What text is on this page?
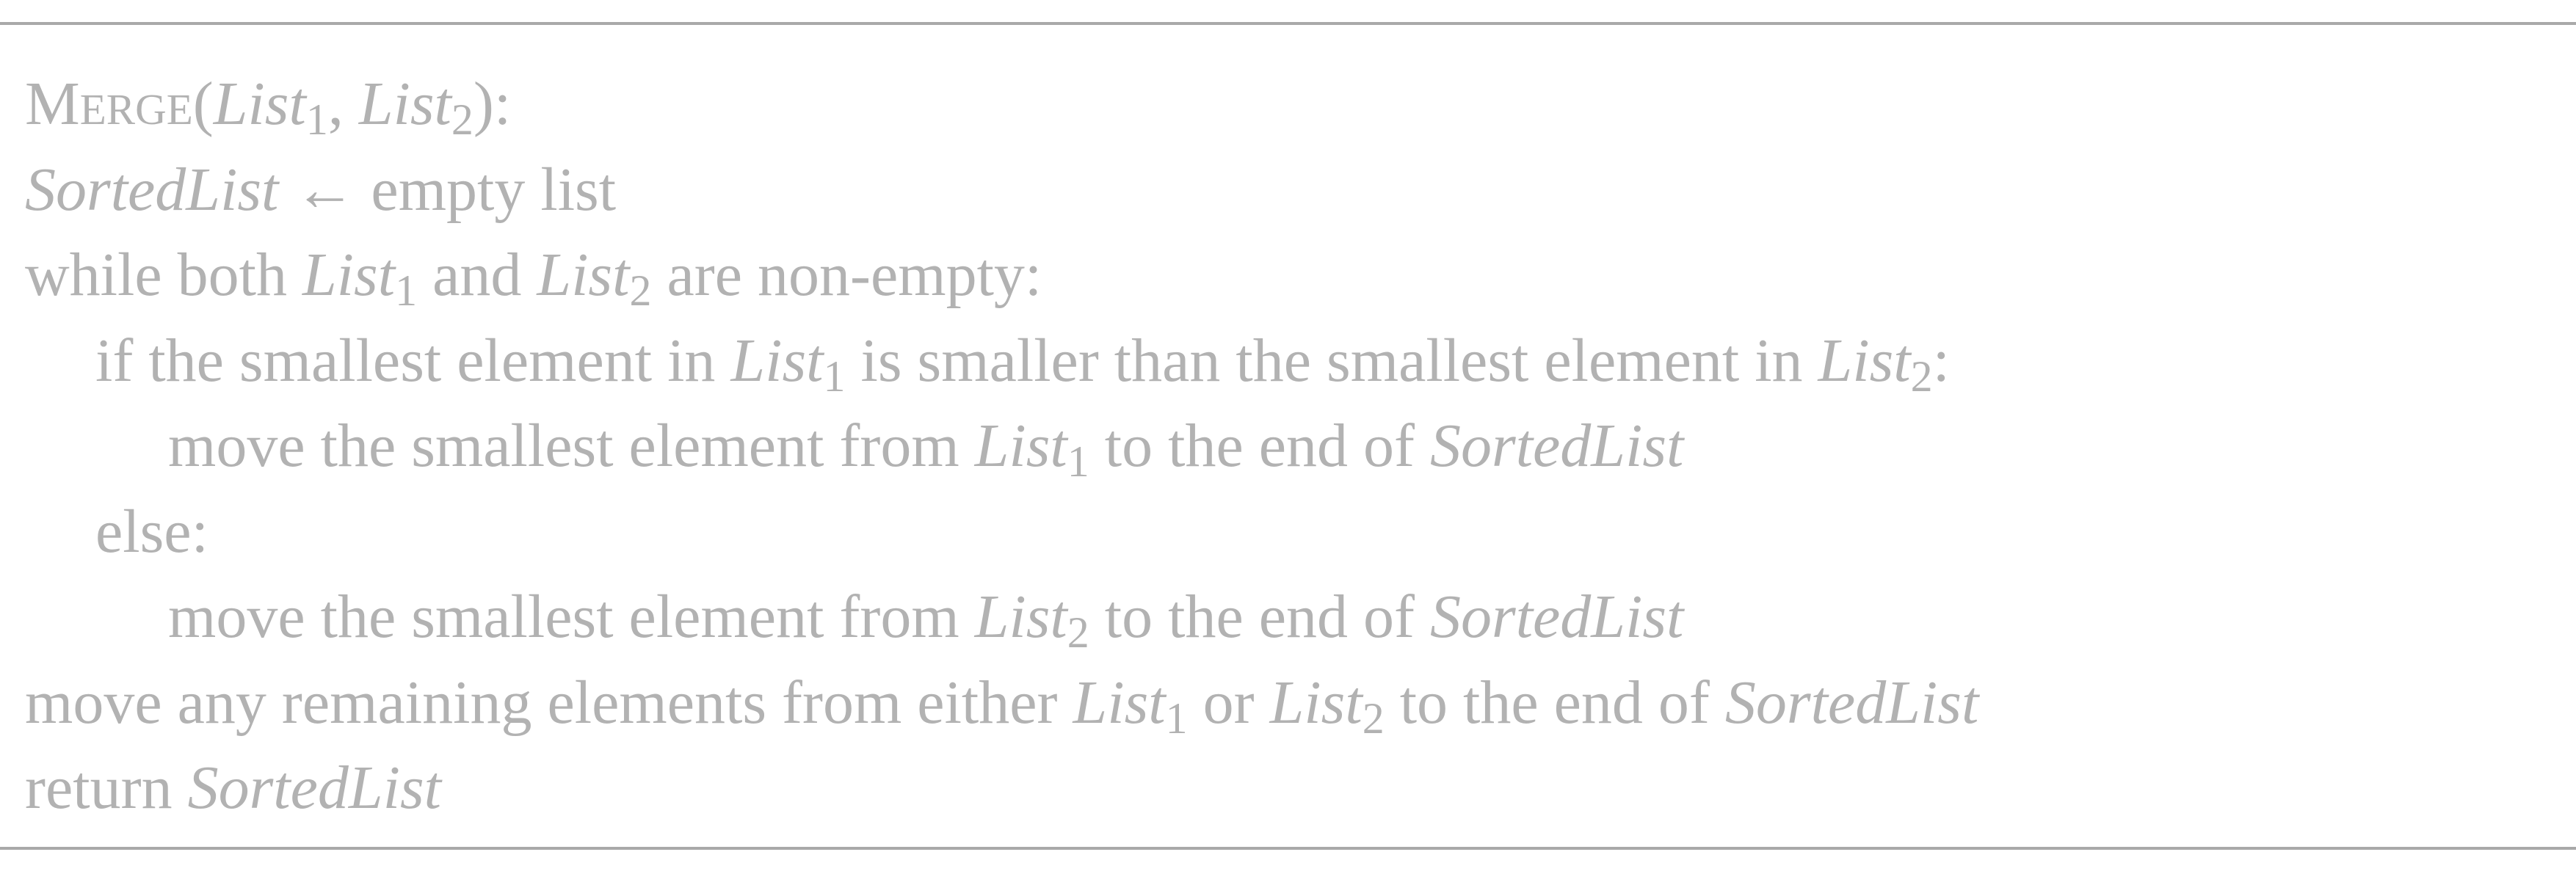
Merge(List$_1$, List$_2$):
SortedList ← empty list
while both List$_1$ and List$_2$ are non-empty:
if the smallest element in List$_1$ is smaller than the smallest element in List$_2$:
move the smallest element from List$_1$ to the end of SortedList
else:
move the smallest element from List$_2$ to the end of SortedList
move any remaining elements from either List$_1$ or List$_2$ to the end of SortedList
return SortedList
